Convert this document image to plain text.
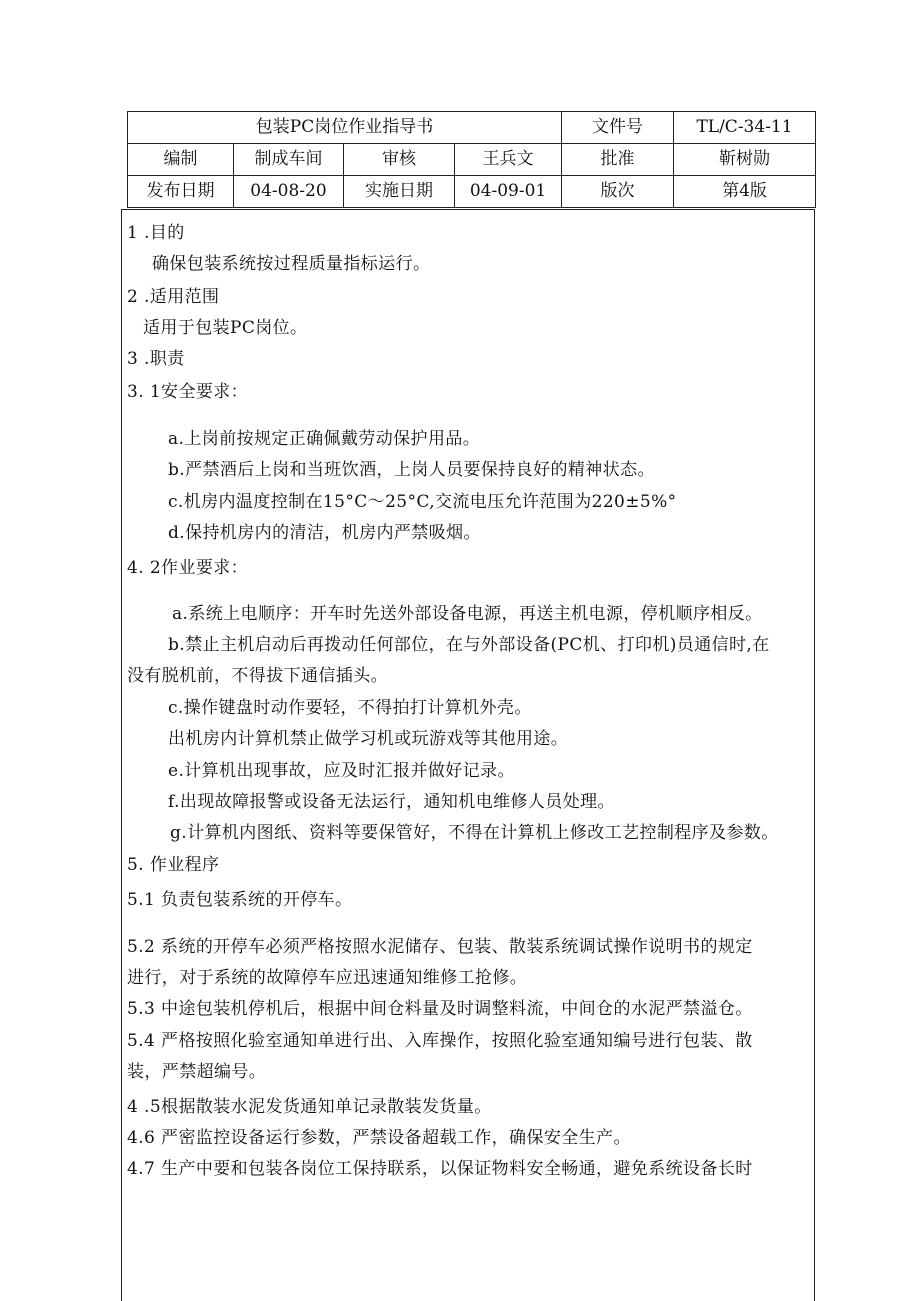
包装PC岗位作业指导书				文件号	TL/C-34-11
编制	制成车间	审核	王兵文	批准	靳树勋
发布日期	04-08-20	实施日期	04-09-01	版次	第4版
1 .目的
确保包装系统按过程质量指标运行。
2 .适用范围
适用于包装PC岗位。
3 .职责
3. 1安全要求：
a.上岗前按规定正确佩戴劳动保护用品。
b.严禁酒后上岗和当班饮酒，上岗人员要保持良好的精神状态。
c.机房内温度控制在15°C～25°C,交流电压允许范围为220±5%°
d.保持机房内的清洁，机房内严禁吸烟。
4. 2作业要求：
a.系统上电顺序：开车时先送外部设备电源，再送主机电源，停机顺序相反。
b.禁止主机启动后再拨动任何部位，在与外部设备(PC机、打印机)员通信时,在
没有脱机前，不得拔下通信插头。
c.操作键盘时动作要轻，不得拍打计算机外壳。
出机房内计算机禁止做学习机或玩游戏等其他用途。
e.计算机出现事故，应及时汇报并做好记录。
f.出现故障报警或设备无法运行，通知机电维修人员处理。
g.计算机内图纸、资料等要保管好，不得在计算机上修改工艺控制程序及参数。
5. 作业程序
5.1 负责包装系统的开停车。
5.2 系统的开停车必须严格按照水泥储存、包装、散装系统调试操作说明书的规定
进行，对于系统的故障停车应迅速通知维修工抢修。
5.3 中途包装机停机后，根据中间仓料量及时调整料流，中间仓的水泥严禁溢仓。
5.4 严格按照化验室通知单进行出、入库操作，按照化验室通知编号进行包装、散
装，严禁超编号。
4 .5根据散装水泥发货通知单记录散装发货量。
4.6 严密监控设备运行参数，严禁设备超载工作，确保安全生产。
4.7 生产中要和包装各岗位工保持联系，以保证物料安全畅通，避免系统设备长时
